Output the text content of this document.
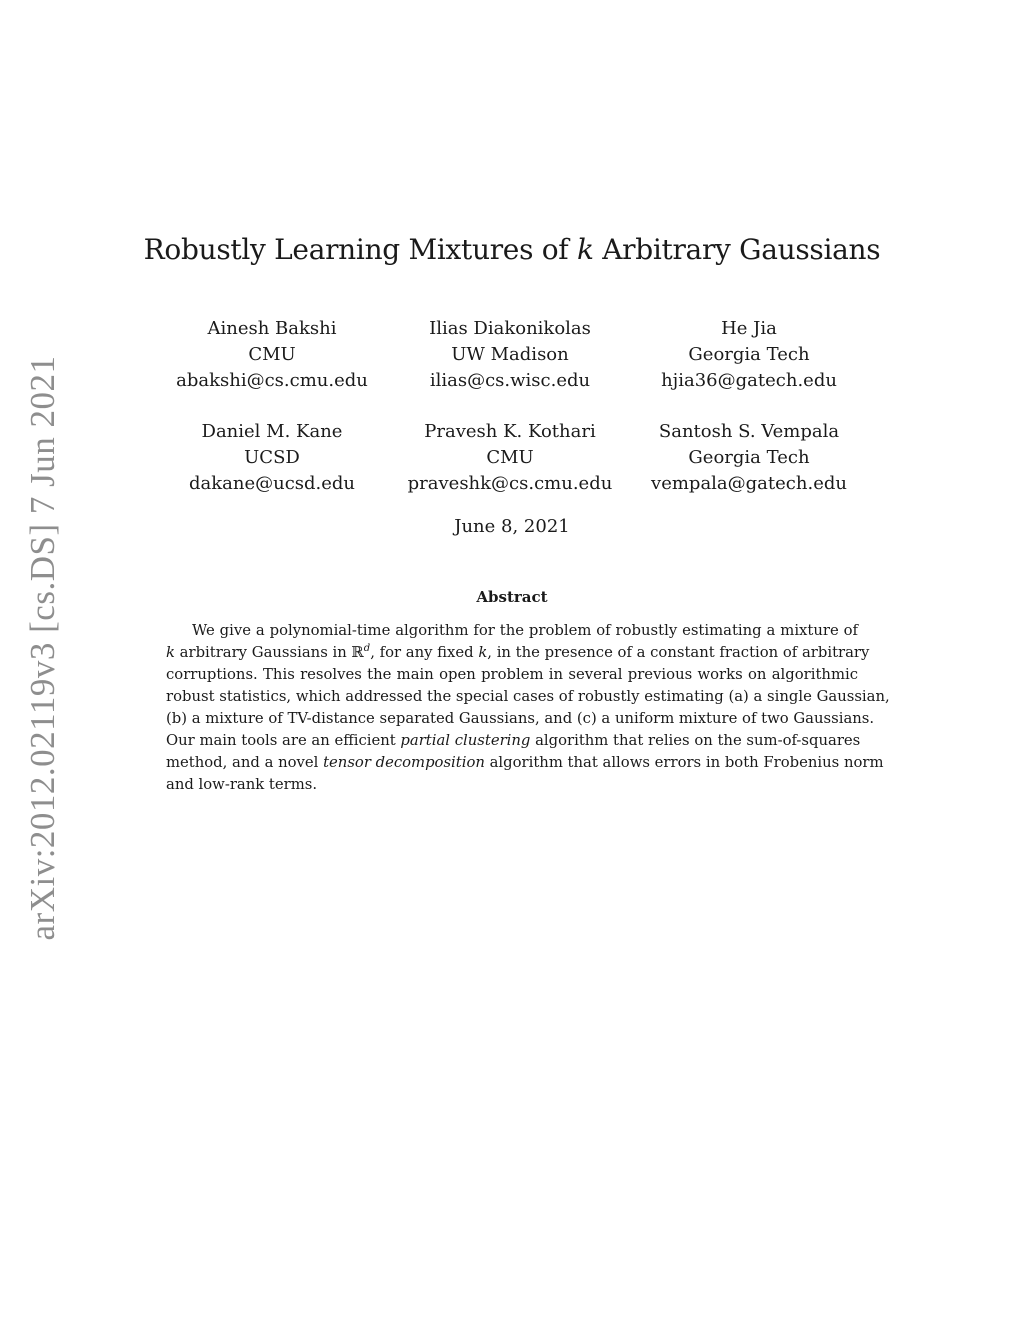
arXiv:2012.02119v3 [cs.DS] 7 Jun 2021
Robustly Learning Mixtures of k Arbitrary Gaussians
Ainesh Bakshi
CMU
abakshi@cs.cmu.edu
Ilias Diakonikolas
UW Madison
ilias@cs.wisc.edu
He Jia
Georgia Tech
hjia36@gatech.edu
Daniel M. Kane
UCSD
dakane@ucsd.edu
Pravesh K. Kothari
CMU
praveshk@cs.cmu.edu
Santosh S. Vempala
Georgia Tech
vempala@gatech.edu
June 8, 2021
Abstract
We give a polynomial-time algorithm for the problem of robustly estimating a mixture of
k arbitrary Gaussians in ℝ$^d$, for any fixed k, in the presence of a constant fraction of arbitrary
corruptions. This resolves the main open problem in several previous works on algorithmic
robust statistics, which addressed the special cases of robustly estimating (a) a single Gaussian,
(b) a mixture of TV-distance separated Gaussians, and (c) a uniform mixture of two Gaussians.
Our main tools are an efficient partial clustering algorithm that relies on the sum-of-squares
method, and a novel tensor decomposition algorithm that allows errors in both Frobenius norm
and low-rank terms.
